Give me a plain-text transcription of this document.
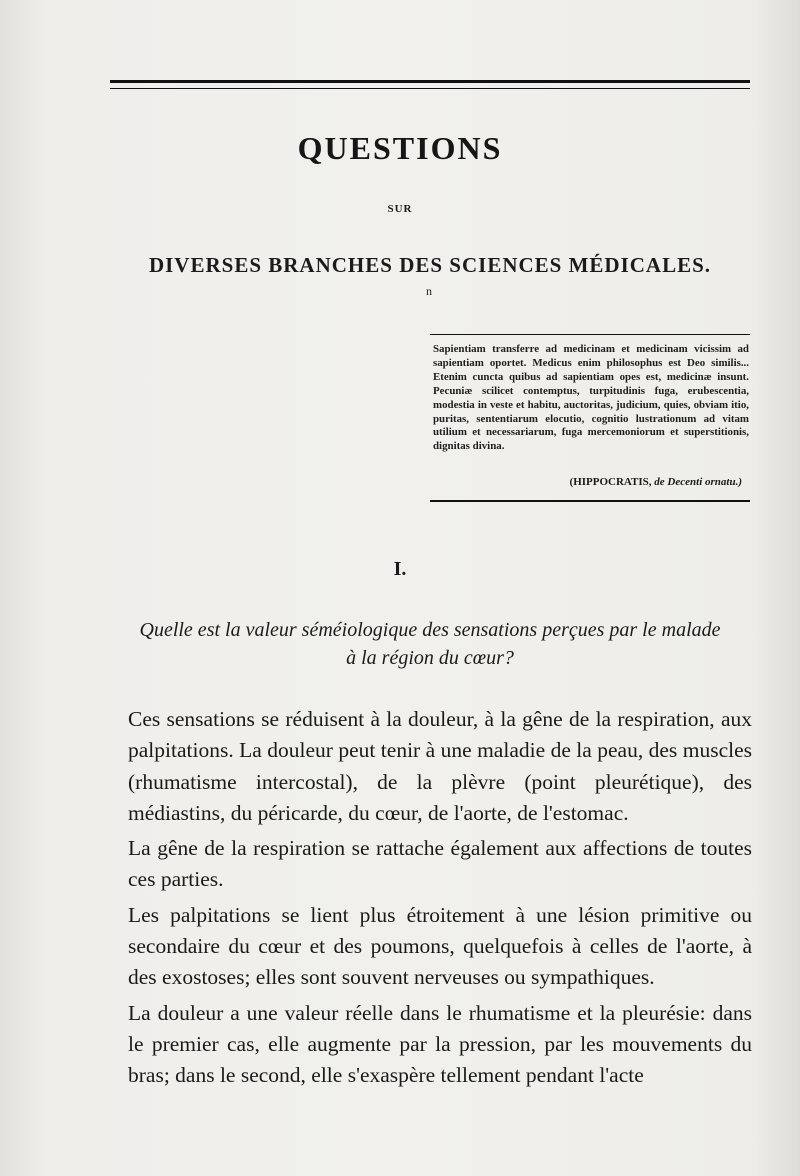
QUESTIONS
SUR
DIVERSES BRANCHES DES SCIENCES MÉDICALES.
n
Sapientiam transferre ad medicinam et medicinam vicissim ad sapientiam oportet. Medicus enim philosophus est Deo similis... Etenim cuncta quibus ad sapientiam opes est, medicinæ insunt. Pecuniæ scilicet contemptus, turpitudinis fuga, erubescentia, modestia in veste et habitu, auctoritas, judicium, quies, obviam itio, puritas, sententiarum elocutio, cognitio lustrationum ad vitam utilium et necessariarum, fuga mercemoniorum et superstitionis, dignitas divina.
(HIPPOCRATIS, de Decenti ornatu.)
I.
Quelle est la valeur séméiologique des sensations perçues par le malade
à la région du cœur?

Ces sensations se réduisent à la douleur, à la gêne de la respiration, aux palpitations. La douleur peut tenir à une maladie de la peau, des muscles (rhumatisme intercostal), de la plèvre (point pleurétique), des médiastins, du péricarde, du cœur, de l'aorte, de l'estomac.

La gêne de la respiration se rattache également aux affections de toutes ces parties.

Les palpitations se lient plus étroitement à une lésion primitive ou secondaire du cœur et des poumons, quelquefois à celles de l'aorte, à des exostoses; elles sont souvent nerveuses ou sympathiques.

La douleur a une valeur réelle dans le rhumatisme et la pleurésie: dans le premier cas, elle augmente par la pression, par les mouvements du bras; dans le second, elle s'exaspère tellement pendant l'acte
